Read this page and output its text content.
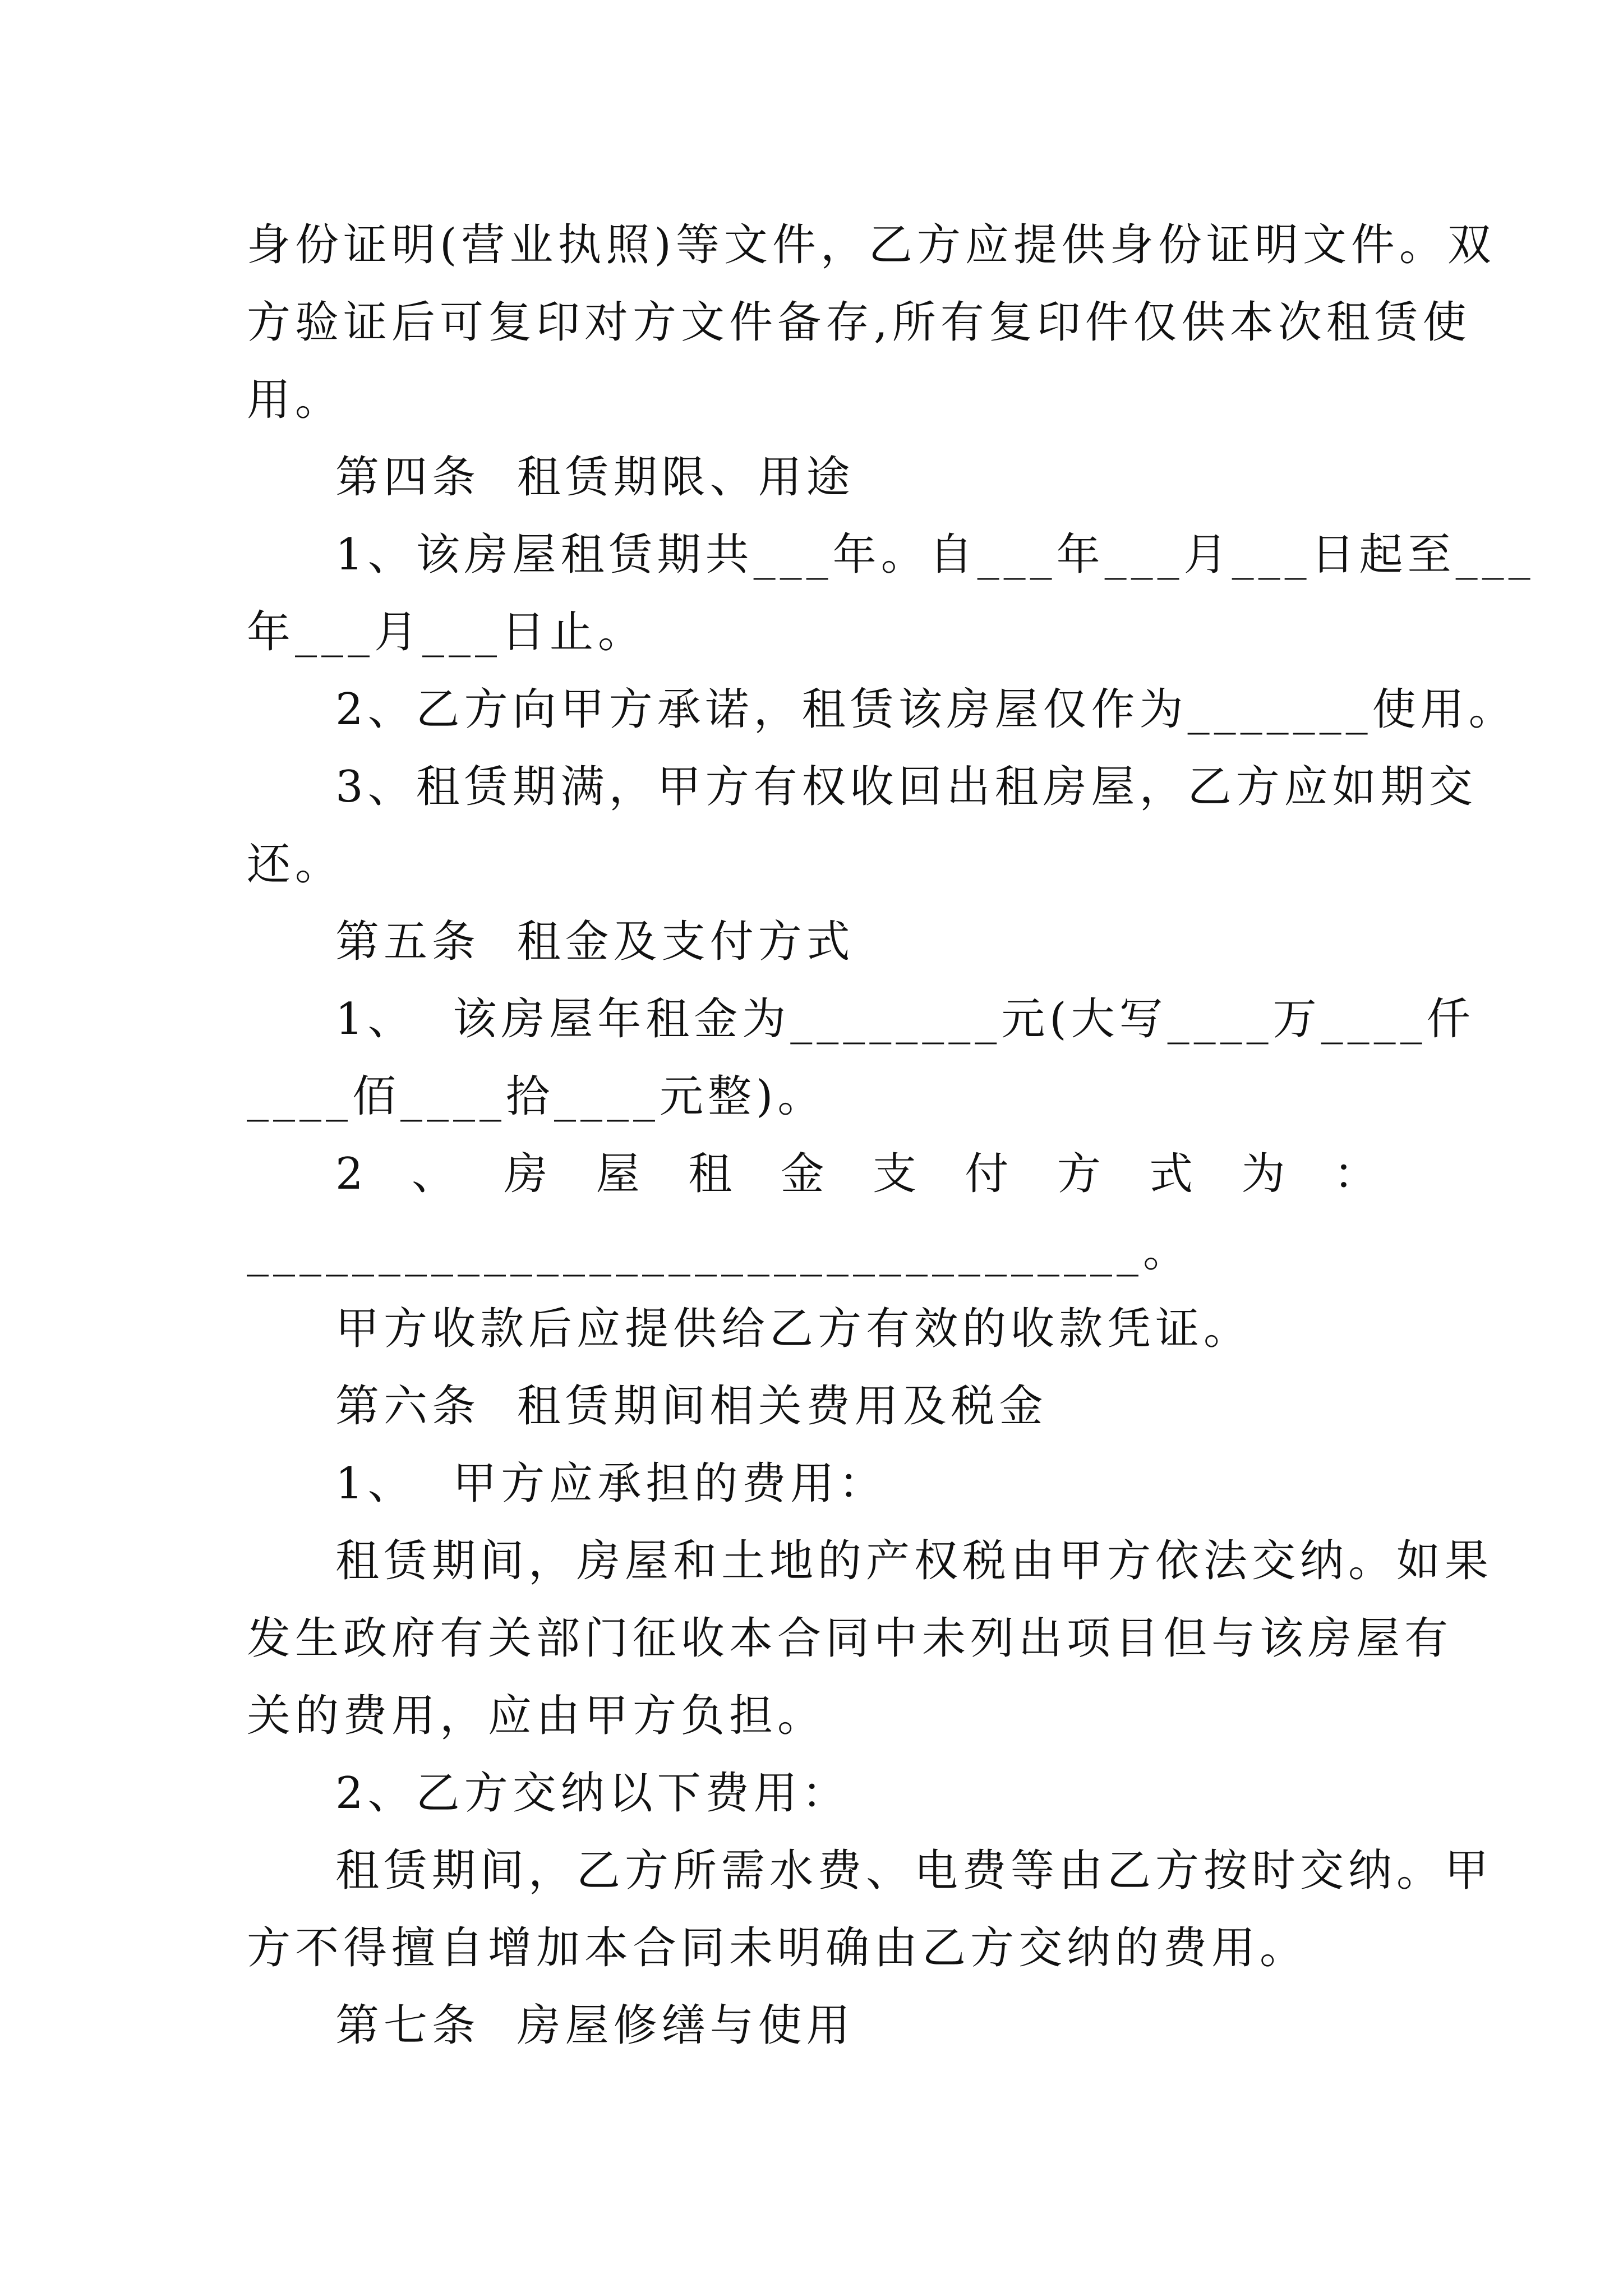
身份证明(营业执照)等文件，乙方应提供身份证明文件。双

方验证后可复印对方文件备存,所有复印件仅供本次租赁使

用。

第四条  租赁期限、用途

1、该房屋租赁期共___年。自___年___月___日起至___

年___月___日止。

2、乙方向甲方承诺，租赁该房屋仅作为_______使用。

3、租赁期满，甲方有权收回出租房屋，乙方应如期交

还。

第五条  租金及支付方式

1、  该房屋年租金为________元(大写____万____仟

____佰____拾____元整)。

2 、 房 屋 租 金 支 付 方 式 为 ：

__________________________________。

甲方收款后应提供给乙方有效的收款凭证。

第六条  租赁期间相关费用及税金

1、  甲方应承担的费用：

租赁期间，房屋和土地的产权税由甲方依法交纳。如果

发生政府有关部门征收本合同中未列出项目但与该房屋有

关的费用，应由甲方负担。

2、乙方交纳以下费用：

租赁期间，乙方所需水费、电费等由乙方按时交纳。甲

方不得擅自增加本合同未明确由乙方交纳的费用。

第七条  房屋修缮与使用
